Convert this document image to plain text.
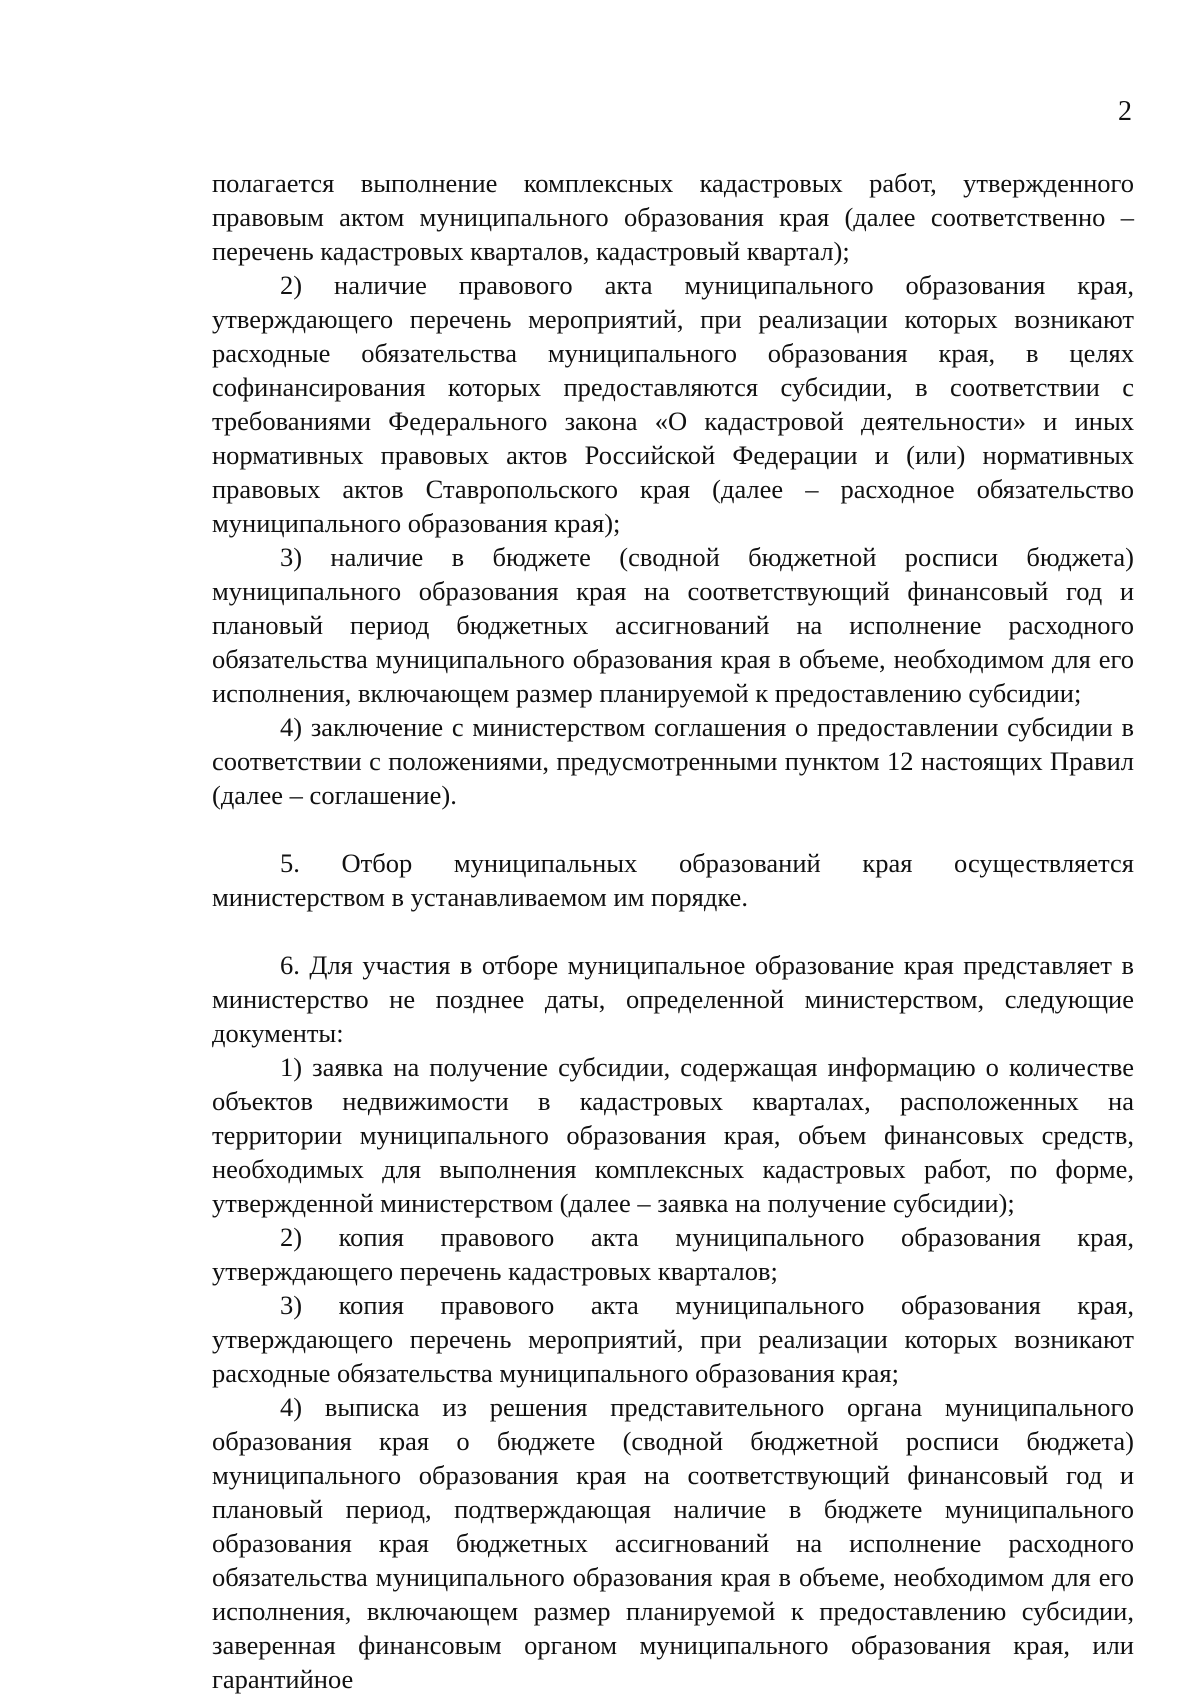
2

полагается выполнение комплексных кадастровых работ, утвержденного правовым актом муниципального образования края (далее соответственно – перечень кадастровых кварталов, кадастровый квартал);

2) наличие правового акта муниципального образования края, утверждающего перечень мероприятий, при реализации которых возникают расходные обязательства муниципального образования края, в целях софинансирования которых предоставляются субсидии, в соответствии с требованиями Федерального закона «О кадастровой деятельности» и иных нормативных правовых актов Российской Федерации и (или) нормативных правовых актов Ставропольского края (далее – расходное обязательство муниципального образования края);

3) наличие в бюджете (сводной бюджетной росписи бюджета) муниципального образования края на соответствующий финансовый год и плановый период бюджетных ассигнований на исполнение расходного обязательства муниципального образования края в объеме, необходимом для его исполнения, включающем размер планируемой к предоставлению субсидии;

4) заключение с министерством соглашения о предоставлении субсидии в соответствии с положениями, предусмотренными пунктом 12 настоящих Правил (далее – соглашение).

5. Отбор муниципальных образований края осуществляется министерством в устанавливаемом им порядке.

6. Для участия в отборе муниципальное образование края представляет в министерство не позднее даты, определенной министерством, следующие документы:

1) заявка на получение субсидии, содержащая информацию о количестве объектов недвижимости в кадастровых кварталах, расположенных на территории муниципального образования края, объем финансовых средств, необходимых для выполнения комплексных кадастровых работ, по форме, утвержденной министерством (далее – заявка на получение субсидии);

2) копия правового акта муниципального образования края, утверждающего перечень кадастровых кварталов;

3) копия правового акта муниципального образования края, утверждающего перечень мероприятий, при реализации которых возникают расходные обязательства муниципального образования края;

4) выписка из решения представительного органа муниципального образования края о бюджете (сводной бюджетной росписи бюджета) муниципального образования края на соответствующий финансовый год и плановый период, подтверждающая наличие в бюджете муниципального образования края бюджетных ассигнований на исполнение расходного обязательства муниципального образования края в объеме, необходимом для его исполнения, включающем размер планируемой к предоставлению субсидии, заверенная финансовым органом муниципального образования края, или гарантийное
